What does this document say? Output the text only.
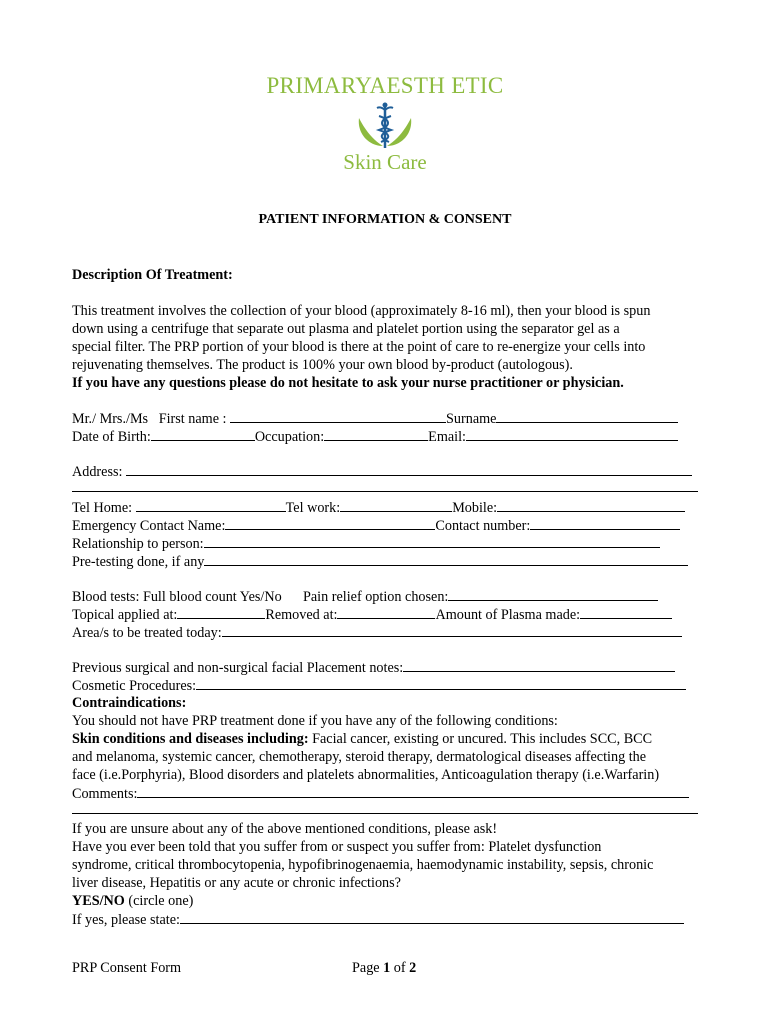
PRIMARYAESTH ETIC
Skin Care
PATIENT INFORMATION & CONSENT
Description Of Treatment:
This treatment involves the collection of your blood (approximately 8-16 ml), then your blood is spun
down using a centrifuge that separate out plasma and platelet portion using the separator gel as a
special filter. The PRP portion of your blood is there at the point of care to re-energize your cells into
rejuvenating themselves. The product is 100% your own blood by-product (autologous).
If you have any questions please do not hesitate to ask your nurse practitioner or physician.
Mr./ Mrs./Ms First name :	Surname
Date of Birth:	Occupation:	Email:
Address:
Tel Home:	Tel work:	Mobile:
Emergency Contact Name:	Contact number:
Relationship to person:
Pre-testing done, if any
Blood tests: Full blood count Yes/No Pain relief option chosen:
Topical applied at:	Removed at:	Amount of Plasma made:
Area/s to be treated today:
Previous surgical and non-surgical facial Placement notes:
Cosmetic Procedures:
Contraindications:
You should not have PRP treatment done if you have any of the following conditions:
Skin conditions and diseases including: Facial cancer, existing or uncured. This includes SCC, BCC
and melanoma, systemic cancer, chemotherapy, steroid therapy, dermatological diseases affecting the
face (i.e.Porphyria), Blood disorders and platelets abnormalities, Anticoagulation therapy (i.e.Warfarin)
Comments:
If you are unsure about any of the above mentioned conditions, please ask!
Have you ever been told that you suffer from or suspect you suffer from: Platelet dysfunction
syndrome, critical thrombocytopenia, hypofibrinogenaemia, haemodynamic instability, sepsis, chronic
liver disease, Hepatitis or any acute or chronic infections?
YES/NO (circle one)
If yes, please state:
PRP Consent Form	Page 1 of 2
